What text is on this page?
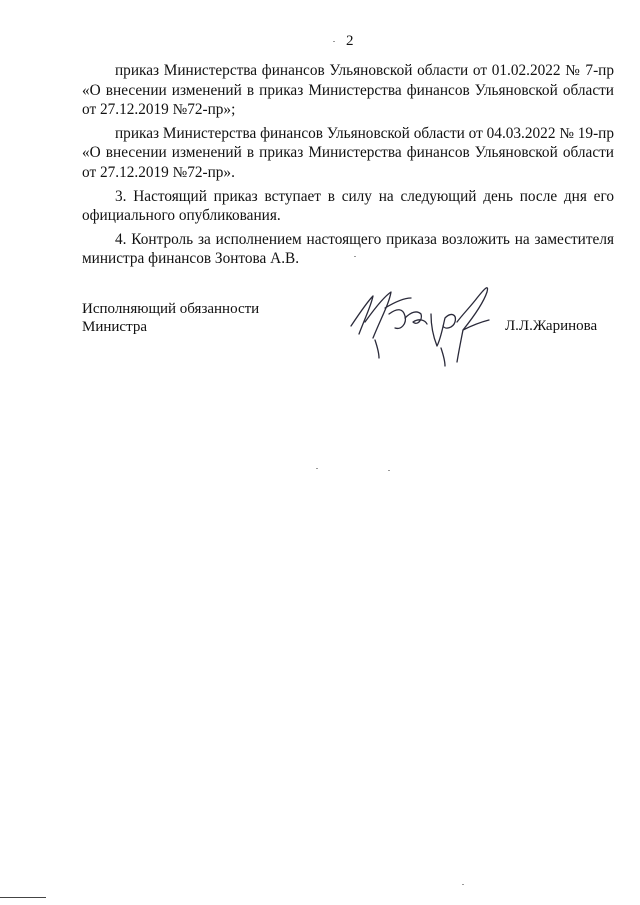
2

приказ Министерства финансов Ульяновской области от 01.02.2022 № 7-пр «О внесении изменений в приказ Министерства финансов Ульяновской области от 27.12.2019 №72-пр»;

приказ Министерства финансов Ульяновской области от 04.03.2022 № 19-пр «О внесении изменений в приказ Министерства финансов Ульяновской области от 27.12.2019 №72-пр».

3. Настоящий приказ вступает в силу на следующий день после дня его официального опубликования.

4. Контроль за исполнением настоящего приказа возложить на заместителя министра финансов Зонтова А.В.

Исполняющий обязанности
Министра	Л.Л.Жаринова
